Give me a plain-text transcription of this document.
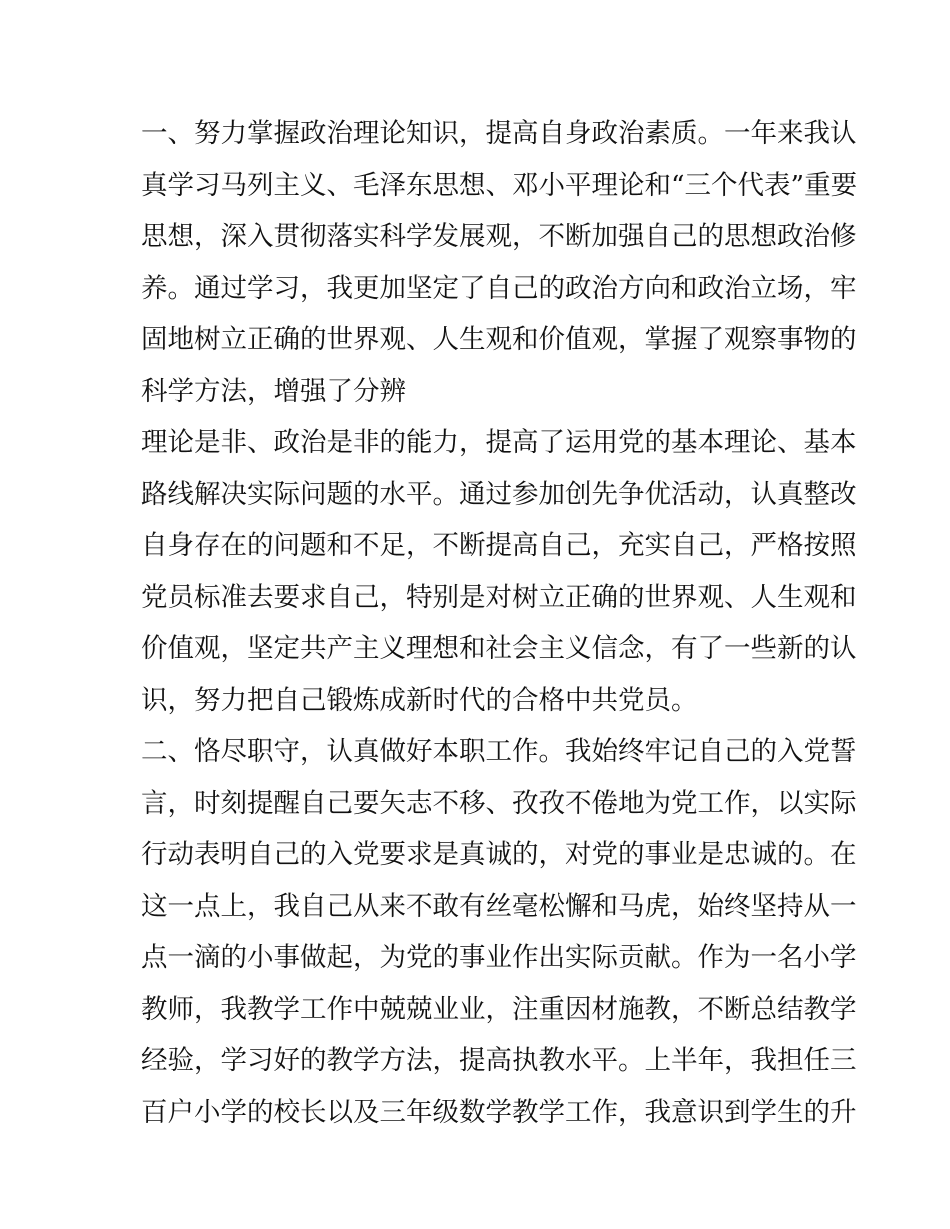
一、努力掌握政治理论知识，提高自身政治素质。一年来我认
真学习马列主义、毛泽东思想、邓小平理论和“三个代表”重要
思想，深入贯彻落实科学发展观，不断加强自己的思想政治修
养。通过学习，我更加坚定了自己的政治方向和政治立场，牢
固地树立正确的世界观、人生观和价值观，掌握了观察事物的
科学方法，增强了分辨
理论是非、政治是非的能力，提高了运用党的基本理论、基本
路线解决实际问题的水平。通过参加创先争优活动，认真整改
自身存在的问题和不足，不断提高自己，充实自己，严格按照
党员标准去要求自己，特别是对树立正确的世界观、人生观和
价值观，坚定共产主义理想和社会主义信念，有了一些新的认
识，努力把自己锻炼成新时代的合格中共党员。
二、恪尽职守，认真做好本职工作。我始终牢记自己的入党誓
言，时刻提醒自己要矢志不移、孜孜不倦地为党工作，以实际
行动表明自己的入党要求是真诚的，对党的事业是忠诚的。在
这一点上，我自己从来不敢有丝毫松懈和马虎，始终坚持从一
点一滴的小事做起，为党的事业作出实际贡献。作为一名小学
教师，我教学工作中兢兢业业，注重因材施教，不断总结教学
经验，学习好的教学方法，提高执教水平。上半年，我担任三
百户小学的校长以及三年级数学教学工作，我意识到学生的升
